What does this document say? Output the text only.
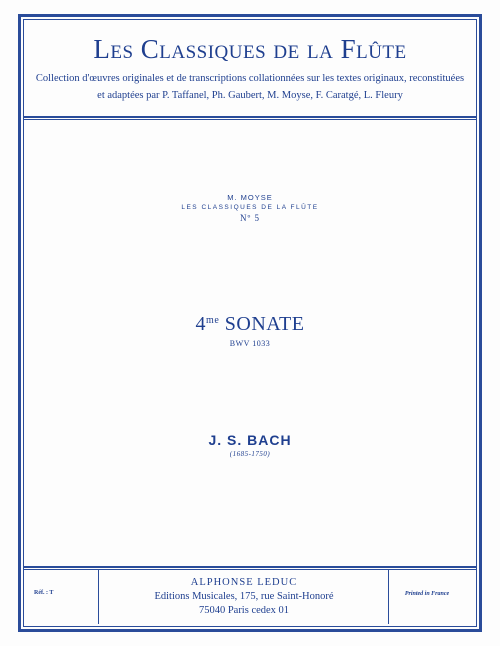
Les Classiques de la Flûte
Collection d'œuvres originales et de transcriptions collationnées sur les textes originaux, reconstituées
et adaptées par P. Taffanel, Ph. Gaubert, M. Moyse, F. Caratgé, L. Fleury
M. MOYSE
LES CLASSIQUES DE LA FLÛTE
Nº 5
$4^{me}$ SONATE
BWV 1033
J. S. BACH
(1685-1750)
Réf. : T
ALPHONSE LEDUC
Editions Musicales, 175, rue Saint-Honoré
75040 Paris cedex 01
Printed in France
